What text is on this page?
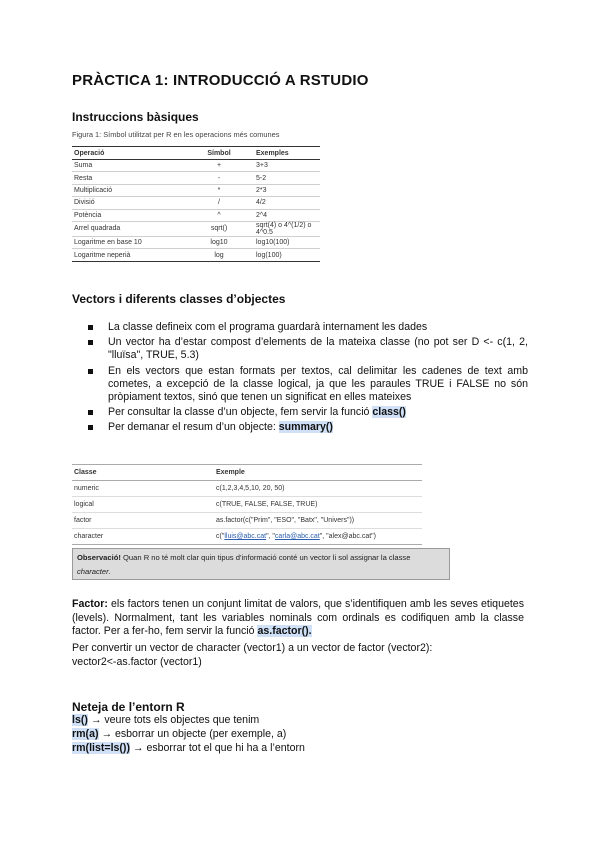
PRÀCTICA 1: INTRODUCCIÓ A RSTUDIO
Instruccions bàsiques
Figura 1: Símbol utilitzat per R en les operacions més comunes
Operació	Símbol	Exemples
Suma	+	3+3
Resta	-	5-2
Multiplicació	*	2*3
Divisió	/	4/2
Potència	^	2^4
Arrel quadrada	sqrt()	sqrt(4) o 4^(1/2) o 4^0.5
Logaritme en base 10	log10	log10(100)
Logaritme neperià	log	log(100)
Vectors i diferents classes d’objectes
La classe defineix com el programa guardarà internament les dades
Un vector ha d’estar compost d’elements de la mateixa classe (no pot ser D <- c(1, 2, "lluïsa", TRUE, 5.3)
En els vectors que estan formats per textos, cal delimitar les cadenes de text amb cometes, a excepció de la classe logical, ja que les paraules TRUE i FALSE no són pròpiament textos, sinó que tenen un significat en elles mateixes
Per consultar la classe d’un objecte, fem servir la funció class()
Per demanar el resum d’un objecte: summary()
Classe	Exemple
numeric	c(1,2,3,4,5,10, 20, 50)
logical	c(TRUE, FALSE, FALSE, TRUE)
factor	as.factor(c("Prim", "ESO", "Batx", "Univers"))
character	c("lluis@abc.cat", "carla@abc.cat", "alex@abc.cat")
Observació! Quan R no té molt clar quin tipus d’informació conté un vector li sol assignar la classe character.

Factor: els factors tenen un conjunt limitat de valors, que s’identifiquen amb les seves etiquetes (levels). Normalment, tant les variables nominals com ordinals es codifiquen amb la classe factor. Per a fer-ho, fem servir la funció as.factor().

Per convertir un vector de character (vector1) a un vector de factor (vector2):
vector2<-as.factor (vector1)
Neteja de l’entorn R
ls() → veure tots els objectes que tenim
rm(a) → esborrar un objecte (per exemple, a)
rm(list=ls()) → esborrar tot el que hi ha a l’entorn
